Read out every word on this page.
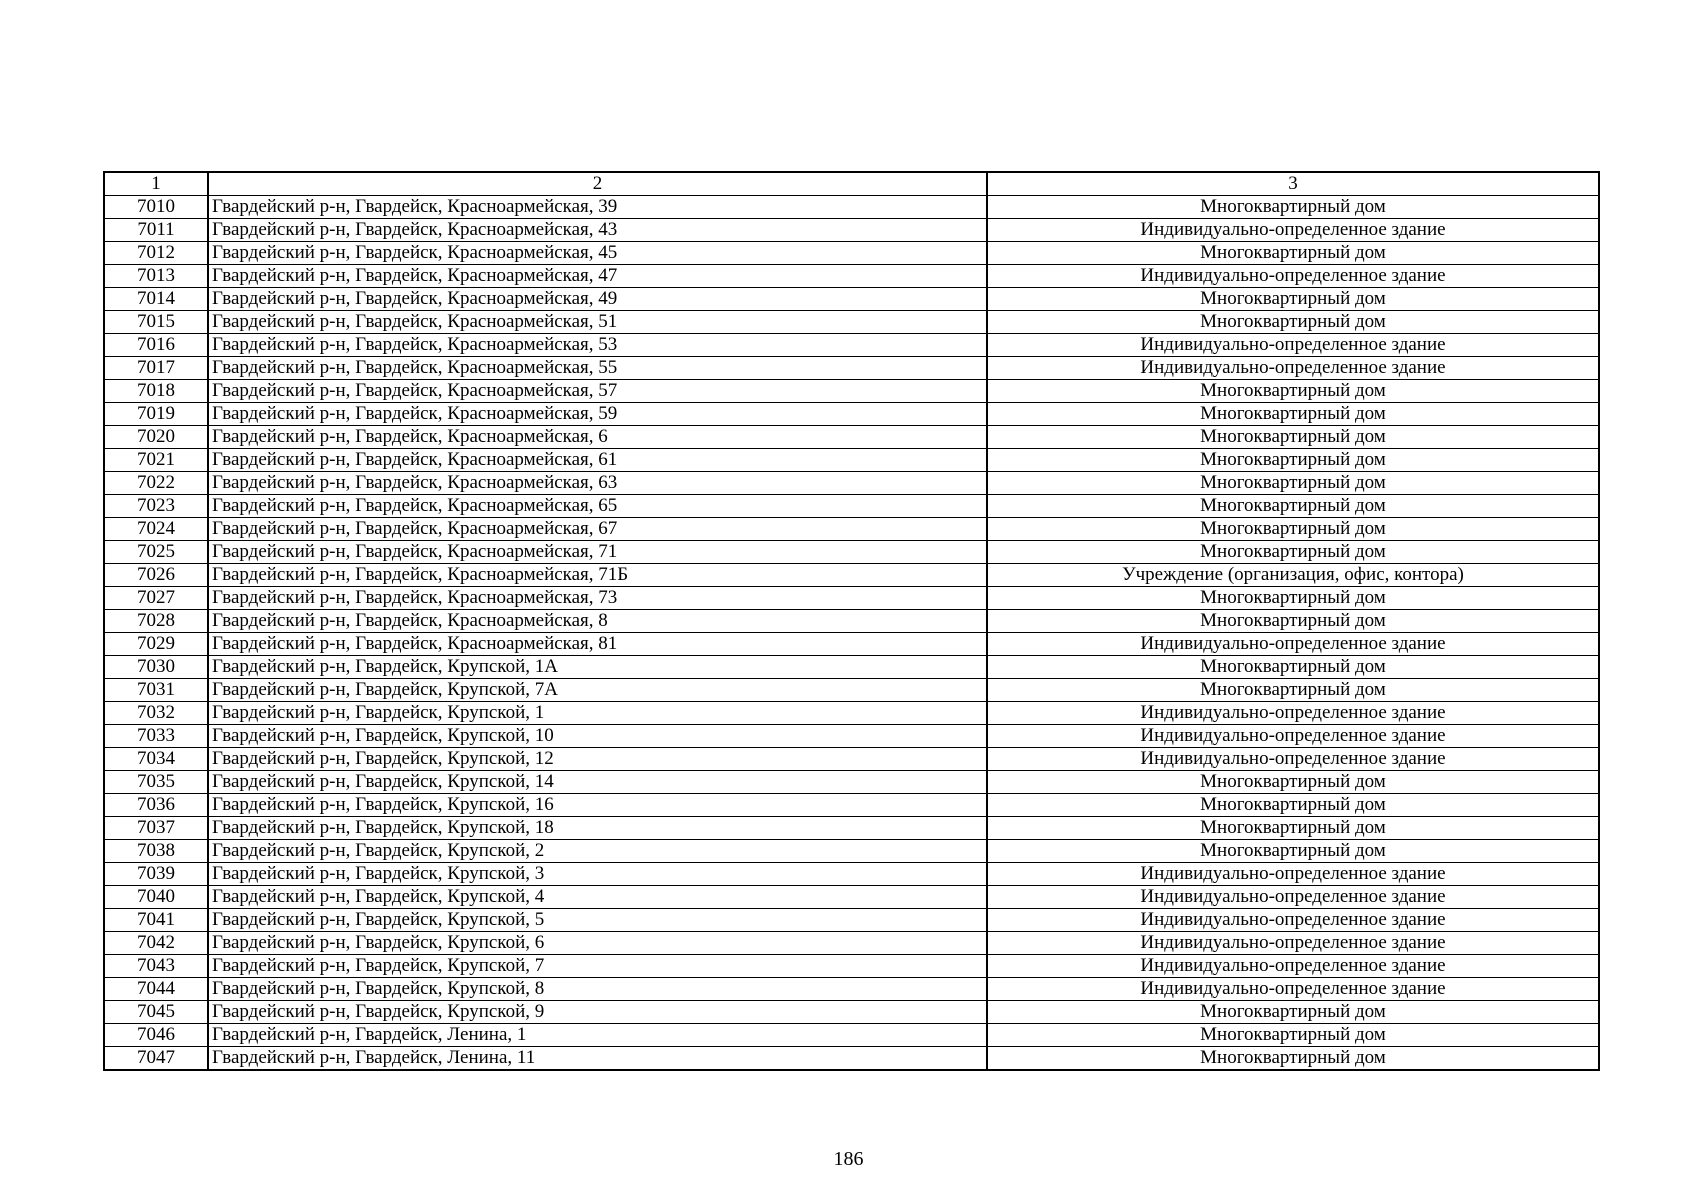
1	2	3
7010	Гвардейский р-н, Гвардейск, Красноармейская, 39	Многоквартирный дом
7011	Гвардейский р-н, Гвардейск, Красноармейская, 43	Индивидуально-определенное здание
7012	Гвардейский р-н, Гвардейск, Красноармейская, 45	Многоквартирный дом
7013	Гвардейский р-н, Гвардейск, Красноармейская, 47	Индивидуально-определенное здание
7014	Гвардейский р-н, Гвардейск, Красноармейская, 49	Многоквартирный дом
7015	Гвардейский р-н, Гвардейск, Красноармейская, 51	Многоквартирный дом
7016	Гвардейский р-н, Гвардейск, Красноармейская, 53	Индивидуально-определенное здание
7017	Гвардейский р-н, Гвардейск, Красноармейская, 55	Индивидуально-определенное здание
7018	Гвардейский р-н, Гвардейск, Красноармейская, 57	Многоквартирный дом
7019	Гвардейский р-н, Гвардейск, Красноармейская, 59	Многоквартирный дом
7020	Гвардейский р-н, Гвардейск, Красноармейская, 6	Многоквартирный дом
7021	Гвардейский р-н, Гвардейск, Красноармейская, 61	Многоквартирный дом
7022	Гвардейский р-н, Гвардейск, Красноармейская, 63	Многоквартирный дом
7023	Гвардейский р-н, Гвардейск, Красноармейская, 65	Многоквартирный дом
7024	Гвардейский р-н, Гвардейск, Красноармейская, 67	Многоквартирный дом
7025	Гвардейский р-н, Гвардейск, Красноармейская, 71	Многоквартирный дом
7026	Гвардейский р-н, Гвардейск, Красноармейская, 71Б	Учреждение (организация, офис, контора)
7027	Гвардейский р-н, Гвардейск, Красноармейская, 73	Многоквартирный дом
7028	Гвардейский р-н, Гвардейск, Красноармейская, 8	Многоквартирный дом
7029	Гвардейский р-н, Гвардейск, Красноармейская, 81	Индивидуально-определенное здание
7030	Гвардейский р-н, Гвардейск, Крупской, 1А	Многоквартирный дом
7031	Гвардейский р-н, Гвардейск, Крупской, 7А	Многоквартирный дом
7032	Гвардейский р-н, Гвардейск, Крупской, 1	Индивидуально-определенное здание
7033	Гвардейский р-н, Гвардейск, Крупской, 10	Индивидуально-определенное здание
7034	Гвардейский р-н, Гвардейск, Крупской, 12	Индивидуально-определенное здание
7035	Гвардейский р-н, Гвардейск, Крупской, 14	Многоквартирный дом
7036	Гвардейский р-н, Гвардейск, Крупской, 16	Многоквартирный дом
7037	Гвардейский р-н, Гвардейск, Крупской, 18	Многоквартирный дом
7038	Гвардейский р-н, Гвардейск, Крупской, 2	Многоквартирный дом
7039	Гвардейский р-н, Гвардейск, Крупской, 3	Индивидуально-определенное здание
7040	Гвардейский р-н, Гвардейск, Крупской, 4	Индивидуально-определенное здание
7041	Гвардейский р-н, Гвардейск, Крупской, 5	Индивидуально-определенное здание
7042	Гвардейский р-н, Гвардейск, Крупской, 6	Индивидуально-определенное здание
7043	Гвардейский р-н, Гвардейск, Крупской, 7	Индивидуально-определенное здание
7044	Гвардейский р-н, Гвардейск, Крупской, 8	Индивидуально-определенное здание
7045	Гвардейский р-н, Гвардейск, Крупской, 9	Многоквартирный дом
7046	Гвардейский р-н, Гвардейск, Ленина, 1	Многоквартирный дом
7047	Гвардейский р-н, Гвардейск, Ленина, 11	Многоквартирный дом
186
